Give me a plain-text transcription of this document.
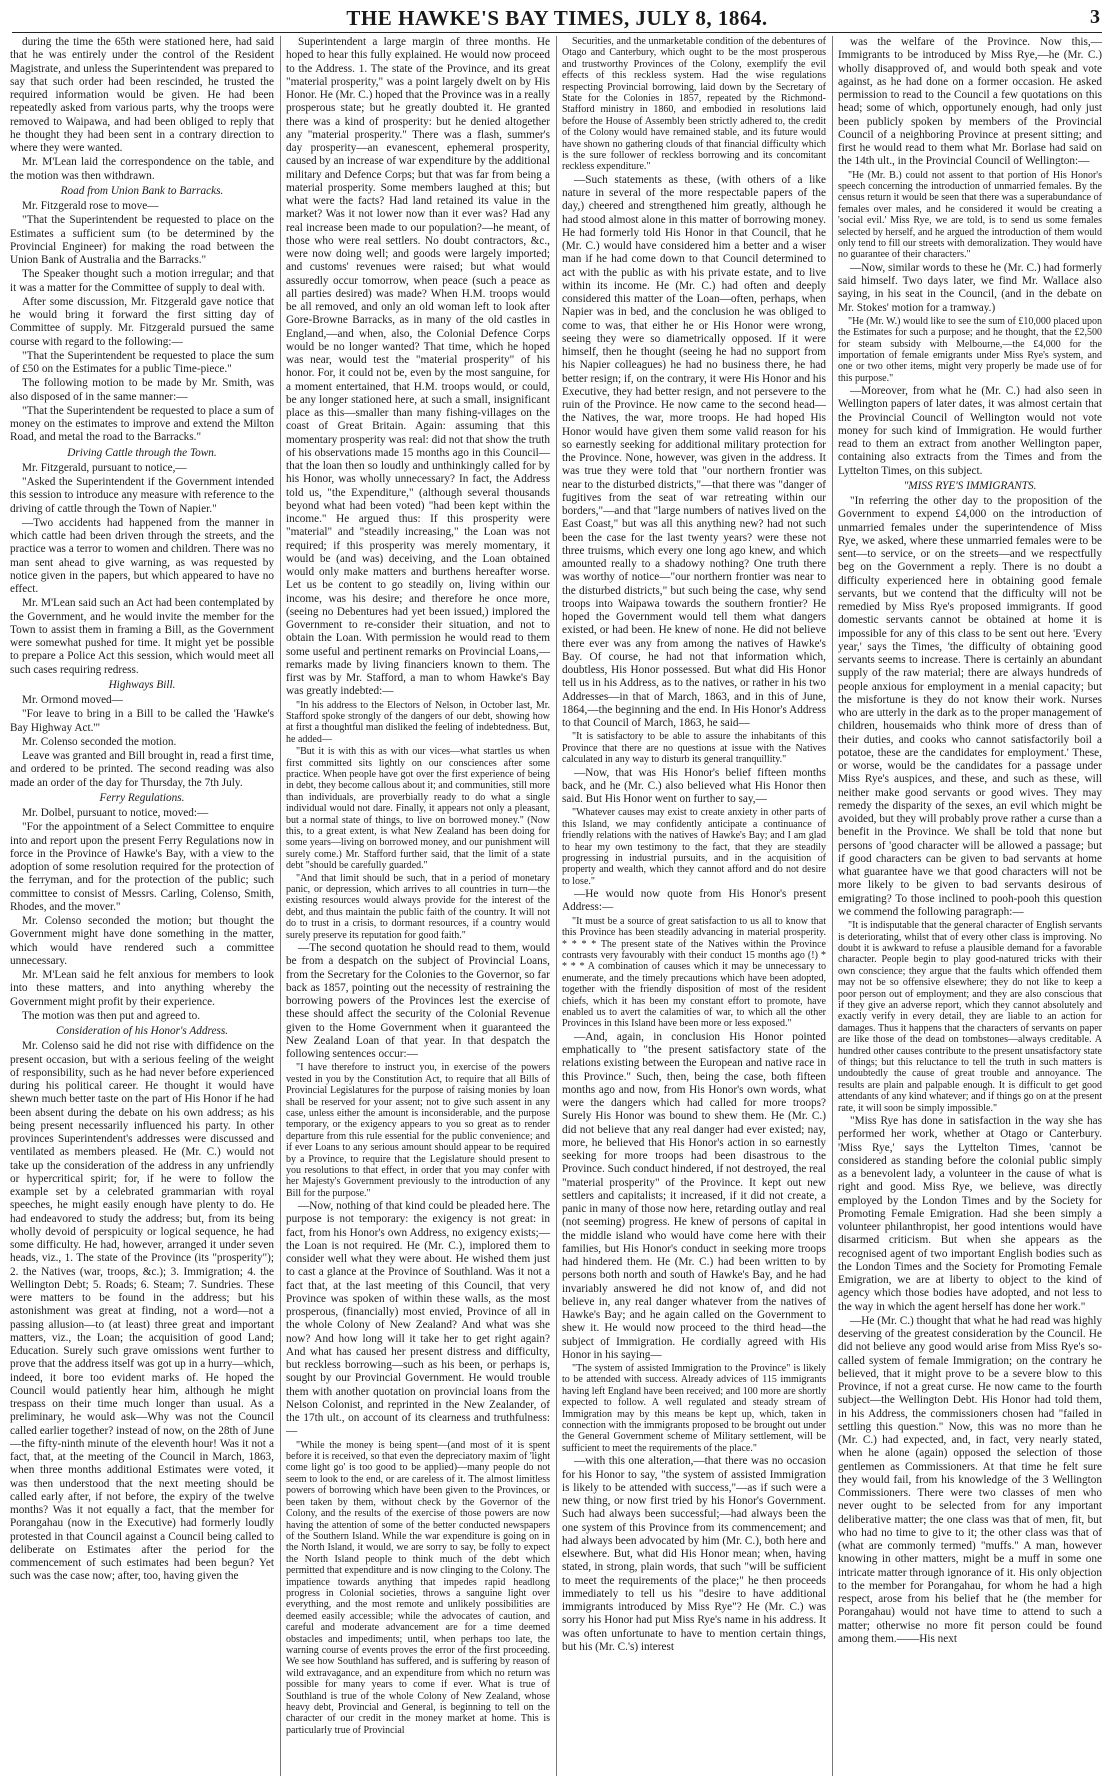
THE HAWKE'S BAY TIMES, JULY 8, 1864.	3

during the time the 65th were stationed here, had said that he was entirely under the control of the Resident Magistrate, and unless the Superintendent was prepared to say that such order had been rescinded, he trusted the required information would be given. He had been repeatedly asked from various parts, why the troops were removed to Waipawa, and had been obliged to reply that he thought they had been sent in a contrary direction to where they were wanted.

Mr. M'Lean laid the correspondence on the table, and the motion was then withdrawn.

Road from Union Bank to Barracks.

Mr. Fitzgerald rose to move—

"That the Superintendent be requested to place on the Estimates a sufficient sum (to be determined by the Provincial Engineer) for making the road between the Union Bank of Australia and the Barracks."

The Speaker thought such a motion irregular; and that it was a matter for the Committee of supply to deal with.

After some discussion, Mr. Fitzgerald gave notice that he would bring it forward the first sitting day of Committee of supply. Mr. Fitzgerald pursued the same course with regard to the following:—

"That the Superintendent be requested to place the sum of £50 on the Estimates for a public Time-piece."

The following motion to be made by Mr. Smith, was also disposed of in the same manner:—

"That the Superintendent be requested to place a sum of money on the estimates to improve and extend the Milton Road, and metal the road to the Barracks."

Driving Cattle through the Town.

Mr. Fitzgerald, pursuant to notice,—

"Asked the Superintendent if the Government intended this session to introduce any measure with reference to the driving of cattle through the Town of Napier."

—Two accidents had happened from the manner in which cattle had been driven through the streets, and the practice was a terror to women and children. There was no man sent ahead to give warning, as was requested by notice given in the papers, but which appeared to have no effect.

Mr. M'Lean said such an Act had been contemplated by the Government, and he would invite the member for the Town to assist them in framing a Bill, as the Government were somewhat pushed for time. It might yet be possible to prepare a Police Act this session, which would meet all such cases requiring redress.

Highways Bill.

Mr. Ormond moved—

"For leave to bring in a Bill to be called the 'Hawke's Bay Highway Act.'"

Mr. Colenso seconded the motion.

Leave was granted and Bill brought in, read a first time, and ordered to be printed. The second reading was also made an order of the day for Thursday, the 7th July.

Ferry Regulations.

Mr. Dolbel, pursuant to notice, moved:—

"For the appointment of a Select Committee to enquire into and report upon the present Ferry Regulations now in force in the Province of Hawke's Bay, with a view to the adoption of some resolution required for the protection of the ferryman, and for the protection of the public; such committee to consist of Messrs. Carling, Colenso, Smith, Rhodes, and the mover."

Mr. Colenso seconded the motion; but thought the Government might have done something in the matter, which would have rendered such a committee unnecessary.

Mr. M'Lean said he felt anxious for members to look into these matters, and into anything whereby the Government might profit by their experience.

The motion was then put and agreed to.

Consideration of his Honor's Address.

Mr. Colenso said he did not rise with diffidence on the present occasion, but with a serious feeling of the weight of responsibility, such as he had never before experienced during his political career. He thought it would have shewn much better taste on the part of His Honor if he had been absent during the debate on his own address; as his being present necessarily influenced his party. In other provinces Superintendent's addresses were discussed and ventilated as members pleased. He (Mr. C.) would not take up the consideration of the address in any unfriendly or hypercritical spirit; for, if he were to follow the example set by a celebrated grammarian with royal speeches, he might easily enough have plenty to do. He had endeavored to study the address; but, from its being wholly devoid of perspicuity or logical sequence, he had some difficulty. He had, however, arranged it under seven heads, viz., 1. The state of the Province (its "prosperity"); 2. the Natives (war, troops, &c.); 3. Immigration; 4. the Wellington Debt; 5. Roads; 6. Steam; 7. Sundries. These were matters to be found in the address; but his astonishment was great at finding, not a word—not a passing allusion—to (at least) three great and important matters, viz., the Loan; the acquisition of good Land; Education. Surely such grave omissions went further to prove that the address itself was got up in a hurry—which, indeed, it bore too evident marks of. He hoped the Council would patiently hear him, although he might trespass on their time much longer than usual. As a preliminary, he would ask—Why was not the Council called earlier together? instead of now, on the 28th of June—the fifty-ninth minute of the eleventh hour! Was it not a fact, that, at the meeting of the Council in March, 1863, when three months additional Estimates were voted, it was then understood that the next meeting should be called early after, if not before, the expiry of the twelve months? Was it not equally a fact, that the member for Porangahau (now in the Executive) had formerly loudly protested in that Council against a Council being called to deliberate on Estimates after the period for the commencement of such estimates had been begun? Yet such was the case now; after, too, having given the

Superintendent a large margin of three months. He hoped to hear this fully explained. He would now proceed to the Address. 1. The state of the Province, and its great "material prosperity," was a point largely dwelt on by His Honor. He (Mr. C.) hoped that the Province was in a really prosperous state; but he greatly doubted it. He granted there was a kind of prosperity: but he denied altogether any "material prosperity." There was a flash, summer's day prosperity—an evanescent, ephemeral prosperity, caused by an increase of war expenditure by the additional military and Defence Corps; but that was far from being a material prosperity. Some members laughed at this; but what were the facts? Had land retained its value in the market? Was it not lower now than it ever was? Had any real increase been made to our population?—he meant, of those who were real settlers. No doubt contractors, &c., were now doing well; and goods were largely imported; and customs' revenues were raised; but what would assuredly occur tomorrow, when peace (such a peace as all parties desired) was made? When H.M. troops would be all removed, and only an old woman left to look after Gore-Browne Barracks, as in many of the old castles in England,—and when, also, the Colonial Defence Corps would be no longer wanted? That time, which he hoped was near, would test the "material prosperity" of his honor. For, it could not be, even by the most sanguine, for a moment entertained, that H.M. troops would, or could, be any longer stationed here, at such a small, insignificant place as this—smaller than many fishing-villages on the coast of Great Britain. Again: assuming that this momentary prosperity was real: did not that show the truth of his observations made 15 months ago in this Council—that the loan then so loudly and unthinkingly called for by his Honor, was wholly unnecessary? In fact, the Address told us, "the Expenditure," (although several thousands beyond what had been voted) "had been kept within the income." He argued thus: If this prosperity were "material" and "steadily increasing," the Loan was not required; if this prosperity was merely momentary, it would be (and was) deceiving, and the Loan obtained would only make matters and burthens hereafter worse. Let us be content to go steadily on, living within our income, was his desire; and therefore he once more, (seeing no Debentures had yet been issued,) implored the Government to re-consider their situation, and not to obtain the Loan. With permission he would read to them some useful and pertinent remarks on Provincial Loans,—remarks made by living financiers known to them. The first was by Mr. Stafford, a man to whom Hawke's Bay was greatly indebted:—

"In his address to the Electors of Nelson, in October last, Mr. Stafford spoke strongly of the dangers of our debt, showing how at first a thoughtful man disliked the feeling of indebtedness. But, he added—

"But it is with this as with our vices—what startles us when first committed sits lightly on our consciences after some practice. When people have got over the first experience of being in debt, they become callous about it; and communities, still more than individuals, are proverbially ready to do what a single individual would not dare. Finally, it appears not only a pleasant, but a normal state of things, to live on borrowed money." (Now this, to a great extent, is what New Zealand has been doing for some years—living on borrowed money, and our punishment will surely come.) Mr. Stafford further said, that the limit of a state debt "should be carefully guarded."

"And that limit should be such, that in a period of monetary panic, or depression, which arrives to all countries in turn—the existing resources would always provide for the interest of the debt, and thus maintain the public faith of the country. It will not do to trust in a crisis, to dormant resources, if a country would surely preserve its reputation for good faith."

—The second quotation he should read to them, would be from a despatch on the subject of Provincial Loans, from the Secretary for the Colonies to the Governor, so far back as 1857, pointing out the necessity of restraining the borrowing powers of the Provinces lest the exercise of these should affect the security of the Colonial Revenue given to the Home Government when it guaranteed the New Zealand Loan of that year. In that despatch the following sentences occur:—

"I have therefore to instruct you, in exercise of the powers vested in you by the Constitution Act, to require that all Bills of Provincial Legislatures for the purpose of raising monies by loan shall be reserved for your assent; not to give such assent in any case, unless either the amount is inconsiderable, and the purpose temporary, or the exigency appears to you so great as to render departure from this rule essential for the public convenience; and if ever Loans to any serious amount should appear to be required by a Province, to require that the Legislature should present to you resolutions to that effect, in order that you may confer with her Majesty's Government previously to the introduction of any Bill for the purpose."

—Now, nothing of that kind could be pleaded here. The purpose is not temporary: the exigency is not great: in fact, from his Honor's own Address, no exigency exists;—the Loan is not required. He (Mr. C.), implored them to consider well what they were about. He wished them just to cast a glance at the Province of Southland. Was it not a fact that, at the last meeting of this Council, that very Province was spoken of within these walls, as the most prosperous, (financially) most envied, Province of all in the whole Colony of New Zealand? And what was she now? And how long will it take her to get right again? And what has caused her present distress and difficulty, but reckless borrowing—such as his been, or perhaps is, sought by our Provincial Government. He would trouble them with another quotation on provincial loans from the Nelson Colonist, and reprinted in the New Zealander, of the 17th ult., on account of its clearness and truthfulness:—

"While the money is being spent—(and most of it is spent before it is received, so that even the depreciatory maxim of 'light come light go' is too good to be applied)—many people do not seem to look to the end, or are careless of it. The almost limitless powers of borrowing which have been given to the Provinces, or been taken by them, without check by the Governor of the Colony, and the results of the exercise of those powers are now having the attention of some of the better conducted newspapers of the Southern Island. While the war expenditure is going on in the North Island, it would, we are sorry to say, be folly to expect the North Island people to think much of the debt which permitted that expenditure and is now clinging to the Colony. The impatience towards anything that impedes rapid headlong progress in Colonial societies, throws a sanguine light over everything, and the most remote and unlikely possibilities are deemed easily accessible; while the advocates of caution, and careful and moderate advancement are for a time deemed obstacles and impediments; until, when perhaps too late, the warning course of events proves the error of the first proceeding. We see how Southland has suffered, and is suffering by reason of wild extravagance, and an expenditure from which no return was possible for many years to come if ever. What is true of Southland is true of the whole Colony of New Zealand, whose heavy debt, Provincial and General, is beginning to tell on the character of our credit in the money market at home. This is particularly true of Provincial

Securities, and the unmarketable condition of the debentures of Otago and Canterbury, which ought to be the most prosperous and trustworthy Provinces of the Colony, exemplify the evil effects of this reckless system. Had the wise regulations respecting Provincial borrowing, laid down by the Secretary of State for the Colonies in 1857, repeated by the Richmond-Stafford ministry in 1860, and embodied in resolutions laid before the House of Assembly been strictly adhered to, the credit of the Colony would have remained stable, and its future would have shown no gathering clouds of that financial difficulty which is the sure follower of reckless borrowing and its concomitant reckless expenditure."

—Such statements as these, (with others of a like nature in several of the more respectable papers of the day,) cheered and strengthened him greatly, although he had stood almost alone in this matter of borrowing money. He had formerly told His Honor in that Council, that he (Mr. C.) would have considered him a better and a wiser man if he had come down to that Council determined to act with the public as with his private estate, and to live within its income. He (Mr. C.) had often and deeply considered this matter of the Loan—often, perhaps, when Napier was in bed, and the conclusion he was obliged to come to was, that either he or His Honor were wrong, seeing they were so diametrically opposed. If it were himself, then he thought (seeing he had no support from his Napier colleagues) he had no business there, he had better resign; if, on the contrary, it were His Honor and his Executive, they had better resign, and not persevere to the ruin of the Province. He now came to the second head—the Natives, the war, more troops. He had hoped His Honor would have given them some valid reason for his so earnestly seeking for additional military protection for the Province. None, however, was given in the address. It was true they were told that "our northern frontier was near to the disturbed districts,"—that there was "danger of fugitives from the seat of war retreating within our borders,"—and that "large numbers of natives lived on the East Coast," but was all this anything new? had not such been the case for the last twenty years? were these not three truisms, which every one long ago knew, and which amounted really to a shadowy nothing? One truth there was worthy of notice—"our northern frontier was near to the disturbed districts," but such being the case, why send troops into Waipawa towards the southern frontier? He hoped the Government would tell them what dangers existed, or had been. He knew of none. He did not believe there ever was any from among the natives of Hawke's Bay. Of course, he had not that information which, doubtless, His Honor possessed. But what did His Honor tell us in his Address, as to the natives, or rather in his two Addresses—in that of March, 1863, and in this of June, 1864,—the beginning and the end. In His Honor's Address to that Council of March, 1863, he said—

"It is satisfactory to be able to assure the inhabitants of this Province that there are no questions at issue with the Natives calculated in any way to disturb its general tranquillity."

—Now, that was His Honor's belief fifteen months back, and he (Mr. C.) also believed what His Honor then said. But His Honor went on further to say,—

"Whatever causes may exist to create anxiety in other parts of this Island, we may confidently anticipate a continuance of friendly relations with the natives of Hawke's Bay; and I am glad to hear my own testimony to the fact, that they are steadily progressing in industrial pursuits, and in the acquisition of property and wealth, which they cannot afford and do not desire to lose."

—He would now quote from His Honor's present Address:—

"It must be a source of great satisfaction to us all to know that this Province has been steadily advancing in material prosperity. * * * * The present state of the Natives within the Province contrasts very favourably with their conduct 15 months ago (!) * * * * A combination of causes which it may be unnecessary to enumerate, and the timely precautions which have been adopted, together with the friendly disposition of most of the resident chiefs, which it has been my constant effort to promote, have enabled us to avert the calamities of war, to which all the other Provinces in this Island have been more or less exposed."

—And, again, in conclusion His Honor pointed emphatically to "the present satisfactory state of the relations existing between the European and native race in this Province." Such, then, being the case, both fifteen months ago and now, from His Honor's own words, what were the dangers which had called for more troops? Surely His Honor was bound to shew them. He (Mr. C.) did not believe that any real danger had ever existed; nay, more, he believed that His Honor's action in so earnestly seeking for more troops had been disastrous to the Province. Such conduct hindered, if not destroyed, the real "material prosperity" of the Province. It kept out new settlers and capitalists; it increased, if it did not create, a panic in many of those now here, retarding outlay and real (not seeming) progress. He knew of persons of capital in the middle island who would have come here with their families, but His Honor's conduct in seeking more troops had hindered them. He (Mr. C.) had been written to by persons both north and south of Hawke's Bay, and he had invariably answered he did not know of, and did not believe in, any real danger whatever from the natives of Hawke's Bay; and he again called on the Government to shew it. He would now proceed to the third head—the subject of Immigration. He cordially agreed with His Honor in his saying—

"The system of assisted Immigration to the Province" is likely to be attended with success. Already advices of 115 immigrants having left England have been received; and 100 more are shortly expected to follow. A well regulated and steady stream of Immigration may by this means be kept up, which, taken in connection with the immigrants proposed to be brought out under the General Government scheme of Military settlement, will be sufficient to meet the requirements of the place."

—with this one alteration,—that there was no occasion for his Honor to say, "the system of assisted Immigration is likely to be attended with success,"—as if such were a new thing, or now first tried by his Honor's Government. Such had always been successful;—had always been the one system of this Province from its commencement; and had always been advocated by him (Mr. C.), both here and elsewhere. But, what did His Honor mean; when, having stated, in strong, plain words, that such "will be sufficient to meet the requirements of the place;" he then proceeds immediately to tell us his "desire to have additional immigrants introduced by Miss Rye"? He (Mr. C.) was sorry his Honor had put Miss Rye's name in his address. It was often unfortunate to have to mention certain things, but his (Mr. C.'s) interest

was the welfare of the Province. Now this,—Immigrants to be introduced by Miss Rye,—he (Mr. C.) wholly disapproved of, and would both speak and vote against, as he had done on a former occasion. He asked permission to read to the Council a few quotations on this head; some of which, opportunely enough, had only just been publicly spoken by members of the Provincial Council of a neighboring Province at present sitting; and first he would read to them what Mr. Borlase had said on the 14th ult., in the Provincial Council of Wellington:—

"He (Mr. B.) could not assent to that portion of His Honor's speech concerning the introduction of unmarried females. By the census return it would be seen that there was a superabundance of females over males, and he considered it would be creating a 'social evil.' Miss Rye, we are told, is to send us some females selected by herself, and he argued the introduction of them would only tend to fill our streets with demoralization. They would have no guarantee of their characters."

—Now, similar words to these he (Mr. C.) had formerly said himself. Two days later, we find Mr. Wallace also saying, in his seat in the Council, (and in the debate on Mr. Stokes' motion for a tramway.)

"He (Mr. W.) would like to see the sum of £10,000 placed upon the Estimates for such a purpose; and he thought, that the £2,500 for steam subsidy with Melbourne,—the £4,000 for the importation of female emigrants under Miss Rye's system, and one or two other items, might very properly be made use of for this purpose."

—Moreover, from what he (Mr. C.) had also seen in Wellington papers of later dates, it was almost certain that the Provincial Council of Wellington would not vote money for such kind of Immigration. He would further read to them an extract from another Wellington paper, containing also extracts from the Times and from the Lyttelton Times, on this subject.

"MISS RYE'S IMMIGRANTS.

"In referring the other day to the proposition of the Government to expend £4,000 on the introduction of unmarried females under the superintendence of Miss Rye, we asked, where these unmarried females were to be sent—to service, or on the streets—and we respectfully beg on the Government a reply. There is no doubt a difficulty experienced here in obtaining good female servants, but we contend that the difficulty will not be remedied by Miss Rye's proposed immigrants. If good domestic servants cannot be obtained at home it is impossible for any of this class to be sent out here. 'Every year,' says the Times, 'the difficulty of obtaining good servants seems to increase. There is certainly an abundant supply of the raw material; there are always hundreds of people anxious for employment in a menial capacity; but the misfortune is they do not know their work. Nurses who are utterly in the dark as to the proper management of children, housemaids who think more of dress than of their duties, and cooks who cannot satisfactorily boil a potatoe, these are the candidates for employment.' These, or worse, would be the candidates for a passage under Miss Rye's auspices, and these, and such as these, will neither make good servants or good wives. They may remedy the disparity of the sexes, an evil which might be avoided, but they will probably prove rather a curse than a benefit in the Province. We shall be told that none but persons of 'good character will be allowed a passage; but if good characters can be given to bad servants at home what guarantee have we that good characters will not be more likely to be given to bad servants desirous of emigrating? To those inclined to pooh-pooh this question we commend the following paragraph:—

"It is indisputable that the general character of English servants is deteriorating, whilst that of every other class is improving. No doubt it is awkward to refuse a plausible demand for a favorable character. People begin to play good-natured tricks with their own conscience; they argue that the faults which offended them may not be so offensive elsewhere; they do not like to keep a poor person out of employment; and they are also conscious that if they give an adverse report, which they cannot absolutely and exactly verify in every detail, they are liable to an action for damages. Thus it happens that the characters of servants on paper are like those of the dead on tombstones—always creditable. A hundred other causes contribute to the present unsatisfactory state of things; but this reluctance to tell the truth in such matters is undoubtedly the cause of great trouble and annoyance. The results are plain and palpable enough. It is difficult to get good attendants of any kind whatever; and if things go on at the present rate, it will soon be simply impossible."

"Miss Rye has done in satisfaction in the way she has performed her work, whether at Otago or Canterbury. 'Miss Rye,' says the Lyttelton Times, 'cannot be considered as standing before the colonial public simply as a benevolent lady, a volunteer in the cause of what is right and good. Miss Rye, we believe, was directly employed by the London Times and by the Society for Promoting Female Emigration. Had she been simply a volunteer philanthropist, her good intentions would have disarmed criticism. But when she appears as the recognised agent of two important English bodies such as the London Times and the Society for Promoting Female Emigration, we are at liberty to object to the kind of agency which those bodies have adopted, and not less to the way in which the agent herself has done her work."

—He (Mr. C.) thought that what he had read was highly deserving of the greatest consideration by the Council. He did not believe any good would arise from Miss Rye's so-called system of female Immigration; on the contrary he believed, that it might prove to be a severe blow to this Province, if not a great curse. He now came to the fourth subject—the Wellington Debt. His Honor had told them, in his Address, the commissioners chosen had "failed in settling this question." Now, this was no more than he (Mr. C.) had expected, and, in fact, very nearly stated, when he alone (again) opposed the selection of those gentlemen as Commissioners. At that time he felt sure they would fail, from his knowledge of the 3 Wellington Commissioners. There were two classes of men who never ought to be selected from for any important deliberative matter; the one class was that of men, fit, but who had no time to give to it; the other class was that of (what are commonly termed) "muffs." A man, however knowing in other matters, might be a muff in some one intricate matter through ignorance of it. His only objection to the member for Porangahau, for whom he had a high respect, arose from his belief that he (the member for Porangahau) would not have time to attend to such a matter; otherwise no more fit person could be found among them.——His next
